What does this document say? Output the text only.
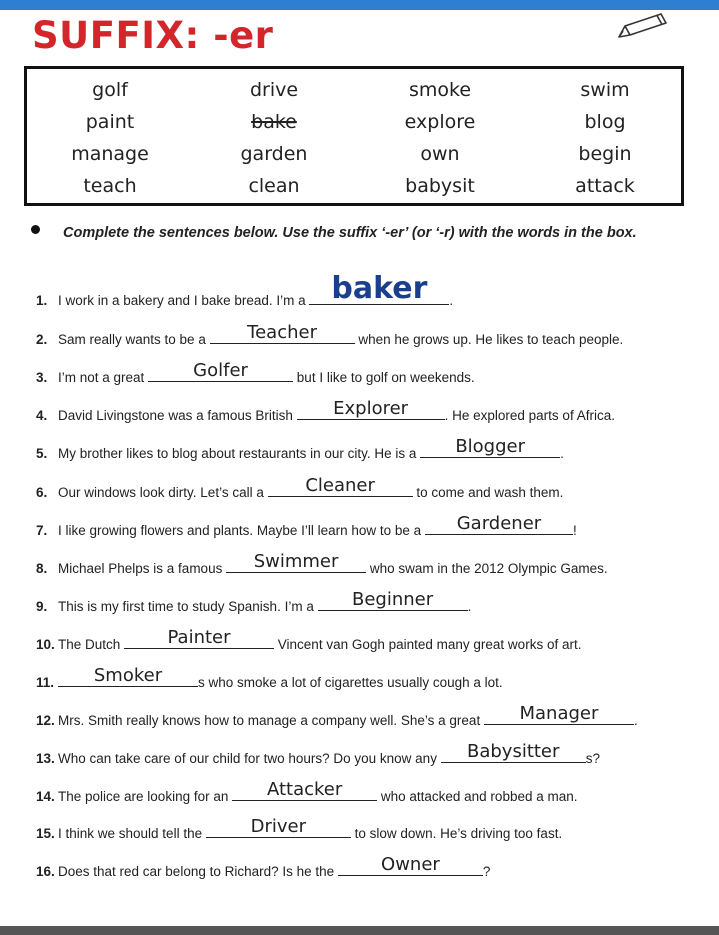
SUFFIX: -er
golf	drive	smoke	swim
paint	bake	explore	blog
manage	garden	own	begin
teach	clean	babysit	attack
Complete the sentences below. Use the suffix ‘-er’ (or ‘-r) with the words in the box.
1. I work in a bakery and I bake bread. I’m a baker	.
2. Sam really wants to be a	Teacher	when he grows up. He likes to teach people.
3. I’m not a great	Golfer	but I like to golf on weekends.
4. David Livingstone was a famous British	Explorer	. He explored parts of Africa.
5. My brother likes to blog about restaurants in our city. He is a	Blogger	.
6. Our windows look dirty. Let’s call a	Cleaner	to come and wash them.
7. I like growing flowers and plants. Maybe I’ll learn how to be a	Gardener	!
8. Michael Phelps is a famous	Swimmer	who swam in the 2012 Olympic Games.
9. This is my first time to study Spanish. I’m a	Beginner	.
10. The Dutch	Painter	Vincent van Gogh painted many great works of art.
11.	Smoker	s who smoke a lot of cigarettes usually cough a lot.
12. Mrs. Smith really knows how to manage a company well. She’s a great	Manager	.
13. Who can take care of our child for two hours? Do you know any	Babysitter	s?
14. The police are looking for an	Attacker	who attacked and robbed a man.
15. I think we should tell the	Driver	to slow down. He’s driving too fast.
16. Does that red car belong to Richard? Is he the	Owner	?
